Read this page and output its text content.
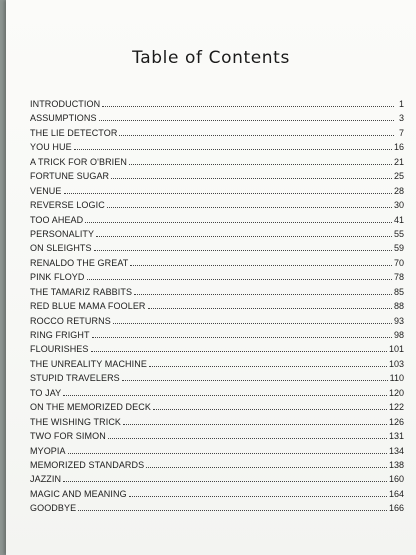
Table of Contents
INTRODUCTION	1
ASSUMPTIONS	3
THE LIE DETECTOR	7
YOU HUE	16
A TRICK FOR O'BRIEN	21
FORTUNE SUGAR	25
VENUE	28
REVERSE LOGIC	30
TOO AHEAD	41
PERSONALITY	55
ON SLEIGHTS	59
RENALDO THE GREAT	70
PINK FLOYD	78
THE TAMARIZ RABBITS	85
RED BLUE MAMA FOOLER	88
ROCCO RETURNS	93
RING FRIGHT	98
FLOURISHES	101
THE UNREALITY MACHINE	103
STUPID TRAVELERS	110
TO JAY	120
ON THE MEMORIZED DECK	122
THE WISHING TRICK	126
TWO FOR SIMON	131
MYOPIA	134
MEMORIZED STANDARDS	138
JAZZIN	160
MAGIC AND MEANING	164
GOODBYE	166
